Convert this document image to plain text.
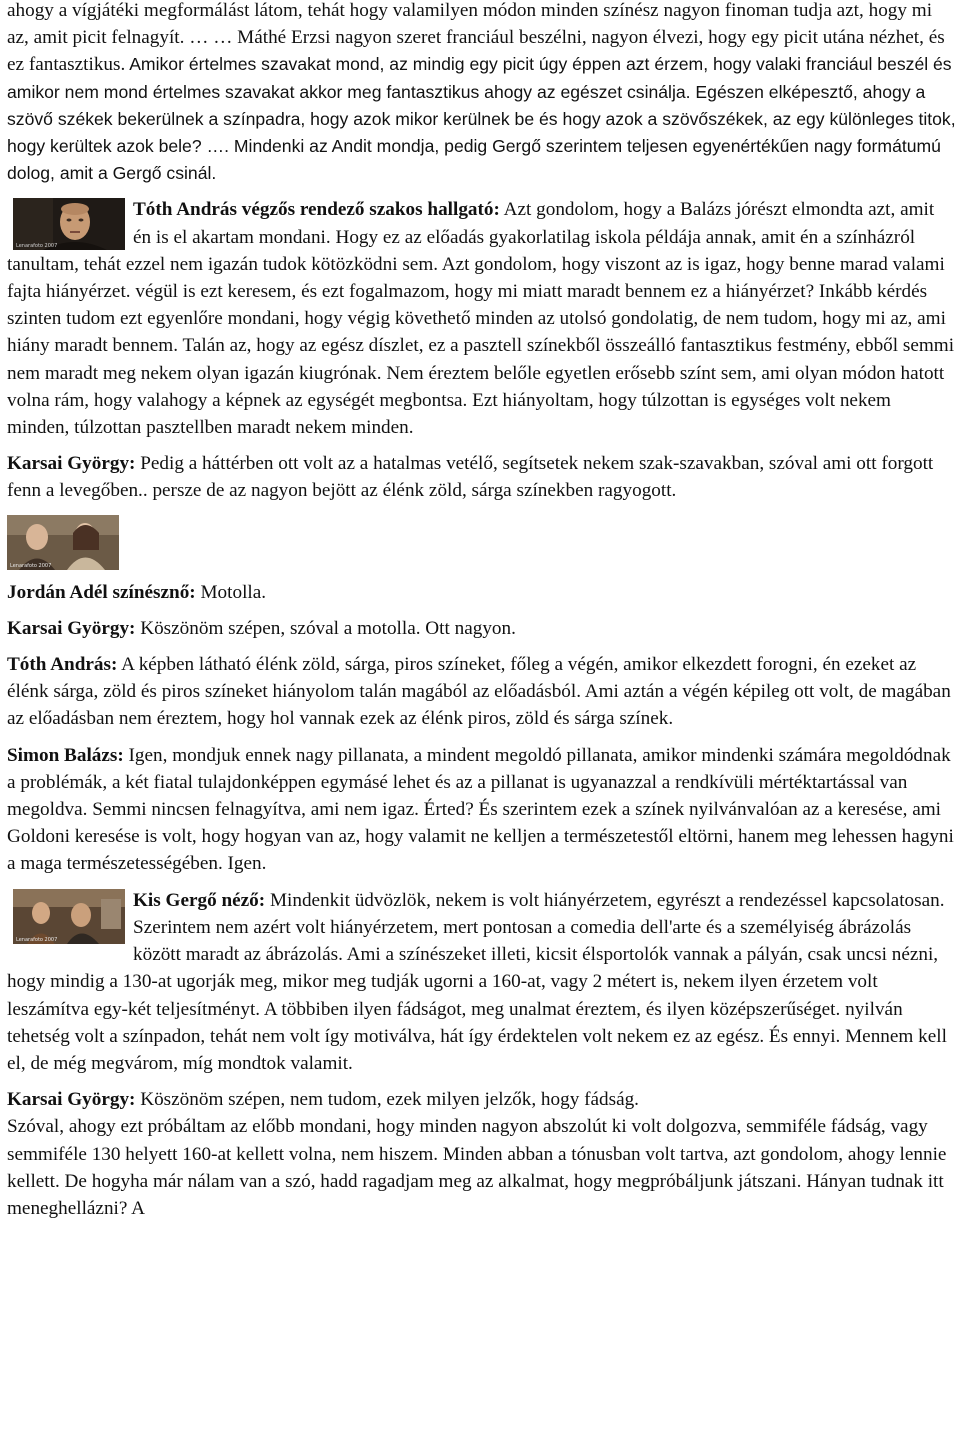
ahogy a vígjátéki megformálást látom, tehát hogy valamilyen módon minden színész nagyon finoman tudja azt, hogy mi az, amit picit felnagyít. … … Máthé Erzsi nagyon szeret franciául beszélni, nagyon élvezi, hogy egy picit utána nézhet, és ez fantasztikus. Amikor értelmes szavakat mond, az mindig egy picit úgy éppen azt érzem, hogy valaki franciául beszél és amikor nem mond értelmes szavakat akkor meg fantasztikus ahogy az egészet csinálja. Egészen elképesztő, ahogy a szövő székek bekerülnek a színpadra, hogy azok mikor kerülnek be és hogy azok a szövőszékek, az egy különleges titok, hogy kerültek azok bele? …. Mindenki az Andit mondja, pedig Gergő szerintem teljesen egyenértékűen nagy formátumú dolog, amit a Gergő csinál.

Lenarafoto 2007
Tóth András végzős rendező szakos hallgató: Azt gondolom, hogy a Balázs jórészt elmondta azt, amit én is el akartam mondani. Hogy ez az előadás gyakorlatilag iskola példája annak, amit én a színházról tanultam, tehát ezzel nem igazán tudok kötözködni sem. Azt gondolom, hogy viszont az is igaz, hogy benne marad valami fajta hiányérzet. végül is ezt keresem, és ezt fogalmazom, hogy mi miatt maradt bennem ez a hiányérzet? Inkább kérdés szinten tudom ezt egyenlőre mondani, hogy végig követhető minden az utolsó gondolatig, de nem tudom, hogy mi az, ami hiány maradt bennem. Talán az, hogy az egész díszlet, ez a pasztell színekből összeálló fantasztikus festmény, ebből semmi nem maradt meg nekem olyan igazán kiugrónak. Nem éreztem belőle egyetlen erősebb színt sem, ami olyan módon hatott volna rám, hogy valahogy a képnek az egységét megbontsa. Ezt hiányoltam, hogy túlzottan is egységes volt nekem minden, túlzottan pasztellben maradt nekem minden.

Karsai György: Pedig a háttérben ott volt az a hatalmas vetélő, segítsetek nekem szak-szavakban, szóval ami ott forgott fenn a levegőben.. persze de az nagyon bejött az élénk zöld, sárga színekben ragyogott.

Lenarafoto 2007

Jordán Adél színésznő: Motolla.

Karsai György: Köszönöm szépen, szóval a motolla. Ott nagyon.

Tóth András: A képben látható élénk zöld, sárga, piros színeket, főleg a végén, amikor elkezdett forogni, én ezeket az élénk sárga, zöld és piros színeket hiányolom talán magából az előadásból. Ami aztán a végén képileg ott volt, de magában az előadásban nem éreztem, hogy hol vannak ezek az élénk piros, zöld és sárga színek.

Simon Balázs: Igen, mondjuk ennek nagy pillanata, a mindent megoldó pillanata, amikor mindenki számára megoldódnak a problémák, a két fiatal tulajdonképpen egymásé lehet és az a pillanat is ugyanazzal a rendkívüli mértéktartással van megoldva. Semmi nincsen felnagyítva, ami nem igaz. Érted? És szerintem ezek a színek nyilvánvalóan az a keresése, ami Goldoni keresése is volt, hogy hogyan van az, hogy valamit ne kelljen a természetestől eltörni, hanem meg lehessen hagyni a maga természetességében. Igen.

Lenarafoto 2007
Kis Gergő néző: Mindenkit üdvözlök, nekem is volt hiányérzetem, egyrészt a rendezéssel kapcsolatosan. Szerintem nem azért volt hiányérzetem, mert pontosan a comedia dell'arte és a személyiség ábrázolás között maradt az ábrázolás. Ami a színészeket illeti, kicsit élsportolók vannak a pályán, csak uncsi nézni, hogy mindig a 130-at ugorják meg, mikor meg tudják ugorni a 160-at, vagy 2 métert is, nekem ilyen érzetem volt leszámítva egy-két teljesítményt. A többiben ilyen fádságot, meg unalmat éreztem, és ilyen középszerűséget. nyilván tehetség volt a színpadon, tehát nem volt így motiválva, hát így érdektelen volt nekem ez az egész. És ennyi. Mennem kell el, de még megvárom, míg mondtok valamit.
Karsai György: Köszönöm szépen, nem tudom, ezek milyen jelzők, hogy fádság.
Szóval, ahogy ezt próbáltam az előbb mondani, hogy minden nagyon abszolút ki volt dolgozva, semmiféle fádság, vagy semmiféle 130 helyett 160-at kellett volna, nem hiszem. Minden abban a tónusban volt tartva, azt gondolom, ahogy lennie kellett. De hogyha már nálam van a szó, hadd ragadjam meg az alkalmat, hogy megpróbáljunk játszani. Hányan tudnak itt meneghellázni? A
